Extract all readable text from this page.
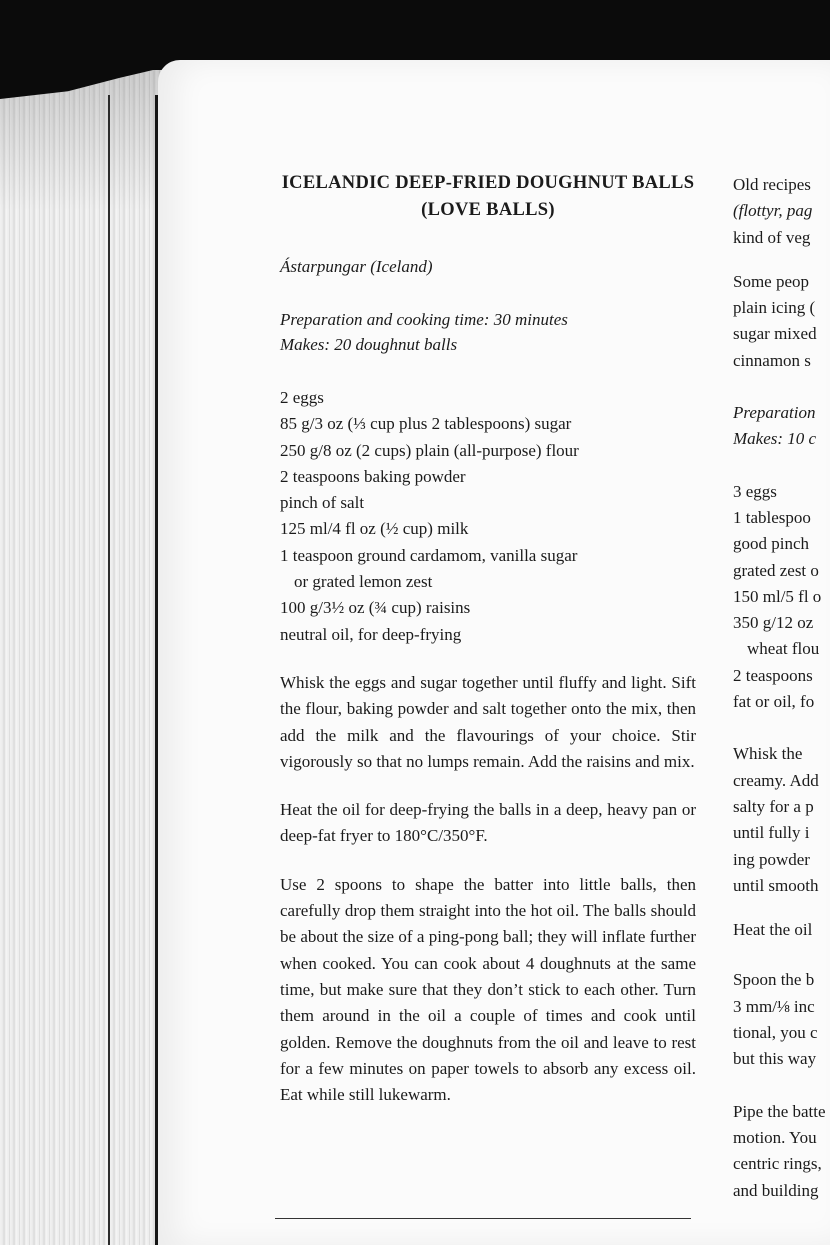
ICELANDIC DEEP-FRIED DOUGHNUT BALLS (LOVE BALLS)

Ástarpungar (Iceland)

Preparation and cooking time: 30 minutes

Makes: 20 doughnut balls

2 eggs
85 g/3 oz (⅓ cup plus 2 tablespoons) sugar
250 g/8 oz (2 cups) plain (all-purpose) flour
2 teaspoons baking powder
pinch of salt
125 ml/4 fl oz (½ cup) milk
1 teaspoon ground cardamom, vanilla sugar
or grated lemon zest
100 g/3½ oz (¾ cup) raisins
neutral oil, for deep-frying

Whisk the eggs and sugar together until fluffy and light. Sift the flour, baking powder and salt together onto the mix, then add the milk and the flavourings of your choice. Stir vigorously so that no lumps remain. Add the raisins and mix.

Heat the oil for deep-frying the balls in a deep, heavy pan or deep-fat fryer to 180°C/350°F.

Use 2 spoons to shape the batter into little balls, then carefully drop them straight into the hot oil. The balls should be about the size of a ping-pong ball; they will inflate further when cooked. You can cook about 4 doughnuts at the same time, but make sure that they don’t stick to each other. Turn them around in the oil a couple of times and cook until golden. Remove the doughnuts from the oil and leave to rest for a few minutes on paper towels to absorb any excess oil. Eat while still lukewarm.

Old recipes
(flottyr, pag
kind of veg
Some peop
plain icing (
sugar mixed
cinnamon s
Preparation
Makes: 10 c
3 eggs
1 tablespoo
good pinch
grated zest o
150 ml/5 fl o
350 g/12 oz
wheat flou
2 teaspoons
fat or oil, fo
Whisk the
creamy. Add
salty for a p
until fully i
ing powder
until smooth
Heat the oil
Spoon the b
3 mm/⅛ inc
tional, you c
but this way
Pipe the batte
motion. You
centric rings,
and building
